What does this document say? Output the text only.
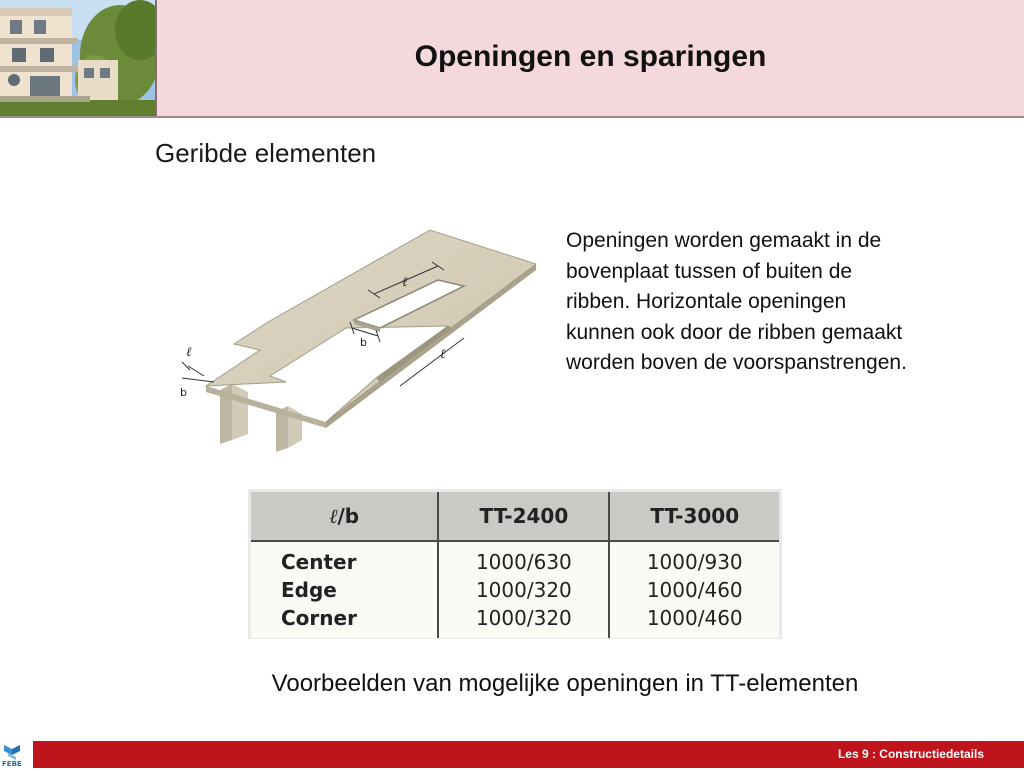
Openingen en sparingen
Geribde elementen
ℓ
b
ℓ
ℓ
b
Openingen worden gemaakt in de
bovenplaat tussen of buiten de
ribben. Horizontale openingen
kunnen ook door de ribben gemaakt
worden boven de voorspanstrengen.
ℓ/b	TT-2400	TT-3000
Center	1000/630	1000/930
Edge	1000/320	1000/460
Corner	1000/320	1000/460
Voorbeelden van mogelijke openingen in TT-elementen
FEBE
Les 9 : Constructiedetails
